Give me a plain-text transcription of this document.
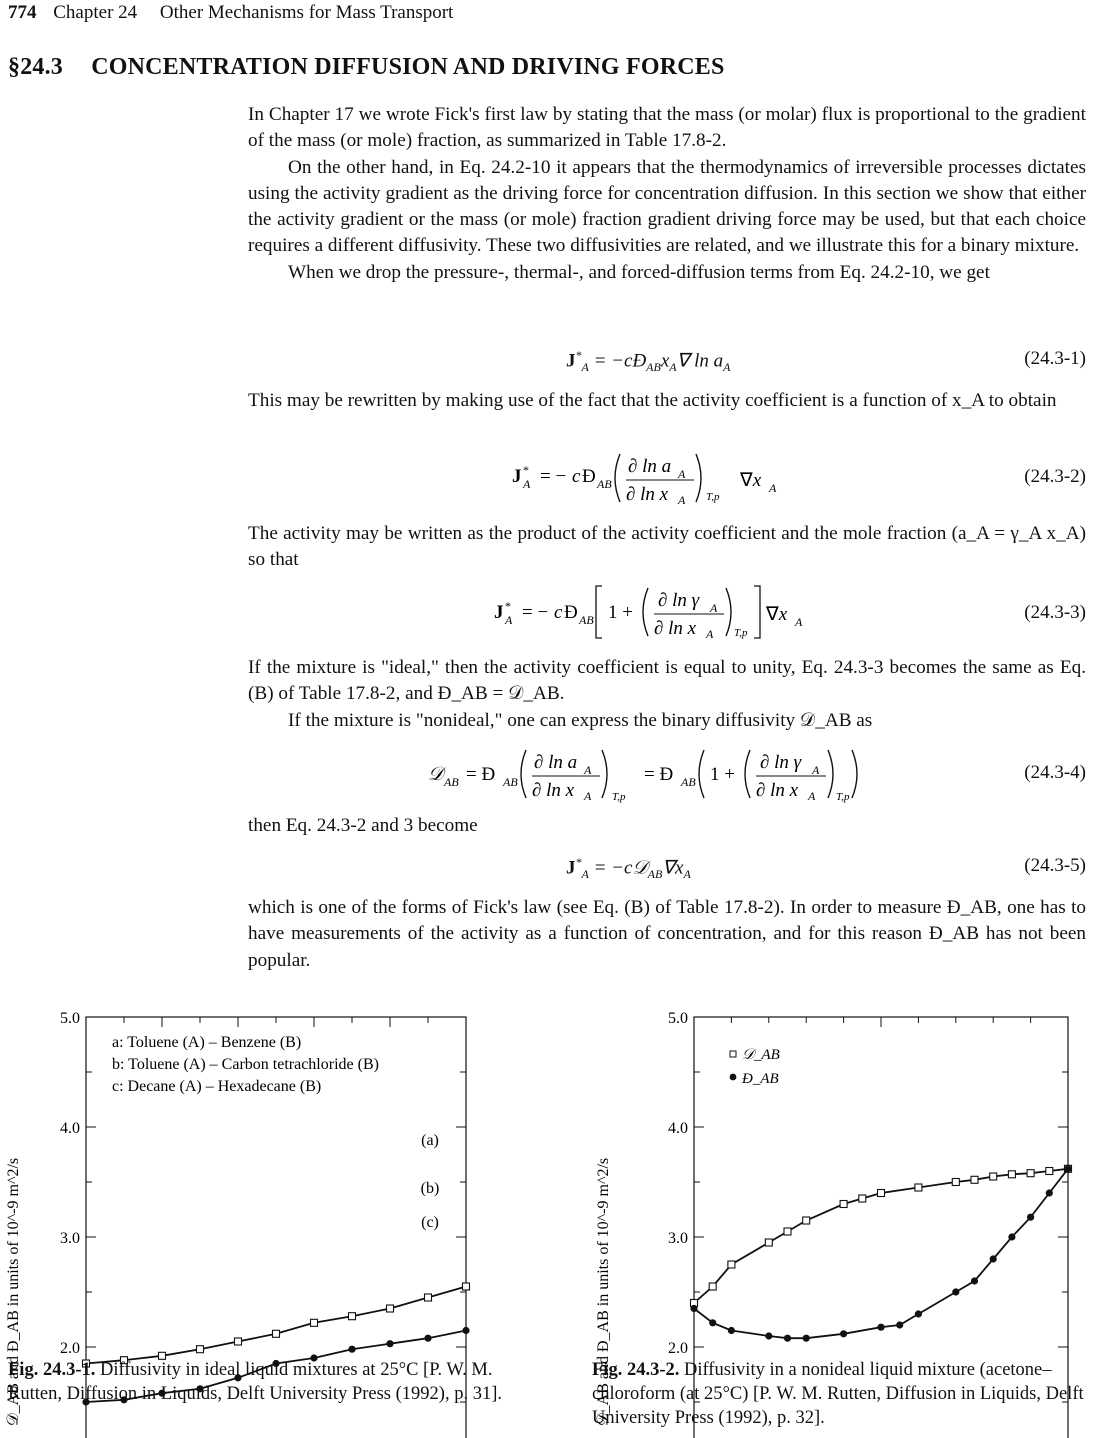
774 Chapter 24 Other Mechanisms for Mass Transport
§24.3 CONCENTRATION DIFFUSION AND DRIVING FORCES

In Chapter 17 we wrote Fick's first law by stating that the mass (or molar) flux is proportional to the gradient of the mass (or mole) fraction, as summarized in Table 17.8-2.

On the other hand, in Eq. 24.2-10 it appears that the thermodynamics of irreversible processes dictates using the activity gradient as the driving force for concentration diffusion. In this section we show that either the activity gradient or the mass (or mole) fraction gradient driving force may be used, but that each choice requires a different diffusivity. These two diffusivities are related, and we illustrate this for a binary mixture.

When we drop the pressure-, thermal-, and forced-diffusion terms from Eq. 24.2-10, we get

$J^*_A$ = $-cĐ_{AB}x_A\nabla$ $\ln a_A$	(24.3-1)

This may be rewritten by making use of the fact that the activity coefficient is a function of x_A to obtain

J *
A = − c Đ AB
∂ ln a A
∂ ln x A T,p
∇x A
(24.3-2)

The activity may be written as the product of the activity coefficient and the mole fraction (a_A = γ_A x_A) so that

J *
A = − c Đ AB 1 +
∂ ln γ A
∂ ln x A T,p
∇x A	(24.3-3)

If the mixture is "ideal," then the activity coefficient is equal to unity, Eq. 24.3-3 becomes the same as Eq. (B) of Table 17.8-2, and Đ_AB = 𝒟_AB.

If the mixture is "nonideal," one can express the binary diffusivity 𝒟_AB as

𝒟 AB = Đ AB
∂ ln a A
∂ ln x A T,p
= Đ AB 1 +
∂ ln γ A
∂ ln x A T,p
(24.3-4)

then Eq. 24.3-2 and 3 become

$J^*_A$ = $-c𝒟_{AB}\nabla x_A$	(24.3-5)

which is one of the forms of Fick's law (see Eq. (B) of Table 17.8-2). In order to measure Đ_AB, one has to have measurements of the activity as a function of concentration, and for this reason Đ_AB has not been popular.

2.0
3.0
4.0
5.0
𝒟_AB and Đ_AB in units of 10^-9 m^2/s
a: Toluene (A) – Benzene (B)
b: Toluene (A) – Carbon tetrachloride (B)
c: Decane (A) – Hexadecane (B)
(a)
(b)
(c)
2.0
3.0
4.0
5.0
𝒟_AB and Đ_AB in units of 10^-9 m^2/s
𝒟_AB
Đ_AB
Fig. 24.3-1. Diffusivity in ideal liquid mixtures at 25°C [P. W. M. Rutten, Diffusion in Liquids, Delft University Press (1992), p. 31].
Fig. 24.3-2. Diffusivity in a nonideal liquid mixture (acetone–chloroform (at 25°C) [P. W. M. Rutten, Diffusion in Liquids, Delft University Press (1992), p. 32].
